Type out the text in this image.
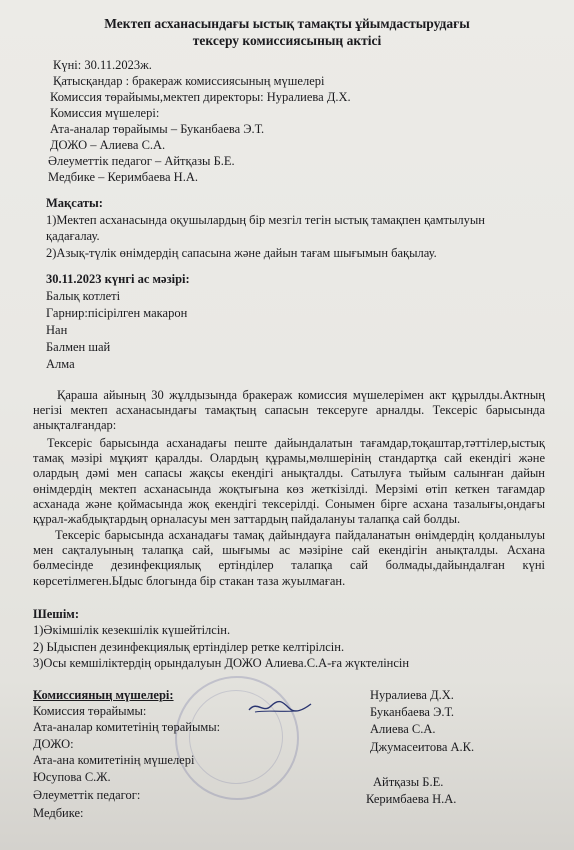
Мектеп асханасындағы ыстық тамақты ұйымдастырудағы
тексеру комиссиясының актісі
Күні: 30.11.2023ж.
Қатысқандар : бракераж комиссиясының мүшелері
Комиссия төрайымы,мектеп директоры: Нуралиева Д.Х.
Комиссия мүшелері:
Ата-аналар төрайымы – Буканбаева Э.Т.
ДОЖО – Алиева С.А.
Әлеуметтік педагог – Айтқазы Б.Е.
Медбике – Керимбаева Н.А.
Мақсаты:
1)Мектеп асханасында оқушылардың бір мезгіл тегін ыстық тамақпен қамтылуын
қадағалау.
2)Азық-түлік өнімдердің сапасына және дайын тағам шығымын бақылау.
30.11.2023 күнгі ас мәзірі:
Балық котлеті
Гарнир:пісірілген макарон
Нан
Балмен шай
Алма
Қараша айының 30 жұлдызында бракераж комиссия мүшелерімен акт құрылды.Актның негізі мектеп асханасындағы тамақтың сапасын тексеруге арналды. Тексеріс барысында анықталғандар:
Тексеріс барысында асханадағы пеште дайындалатын тағамдар,тоқаштар,тәттілер,ыстық тамақ мәзірі мұқият қаралды. Олардың құрамы,мөлшерінің стандартқа сай екендігі және олардың дәмі мен сапасы жақсы екендігі анықталды. Сатылуға тыйым салынған дайын өнімдердің мектеп асханасында жоқтығына көз жеткізілді. Мерзімі өтіп кеткен тағамдар асханада және қоймасында жоқ екендігі тексерілді. Сонымен бірге асхана тазалығы,ондағы құрал-жабдықтардың орналасуы мен заттардың пайдалануы талапқа сай болды.
Тексеріс барысында асханадағы тамақ дайындауға пайдаланатын өнімдердің қолданылуы мен сақталуының талапқа сай, шығымы ас мәзіріне сай екендігін анықталды. Асхана бөлмесінде дезинфекциялық ертінділер талапқа сай болмады,дайындалған күні көрсетілмеген.Ыдыс блогында бір стакан таза жуылмаған.
Шешім:
1)Әкімшілік кезекшілік күшейтілсін.
2) Ыдыспен дезинфекциялық ертінділер ретке келтірілсін.
3)Осы кемшіліктердің орындалуын ДОЖО Алиева.С.А-ға жүктелінсін
Комиссияның мүшелері:
Комиссия төрайымы:
Ата-аналар комитетінің төрайымы:
ДОЖО:
Ата-ана комитетінің мүшелері
Юсупова С.Ж.
Әлеуметтік педагог:
Медбике:
Нуралиева Д.Х.
Буканбаева Э.Т.
Алиева С.А.
Джумасеитова А.К.
Айтқазы Б.Е.
Керимбаева Н.А.
